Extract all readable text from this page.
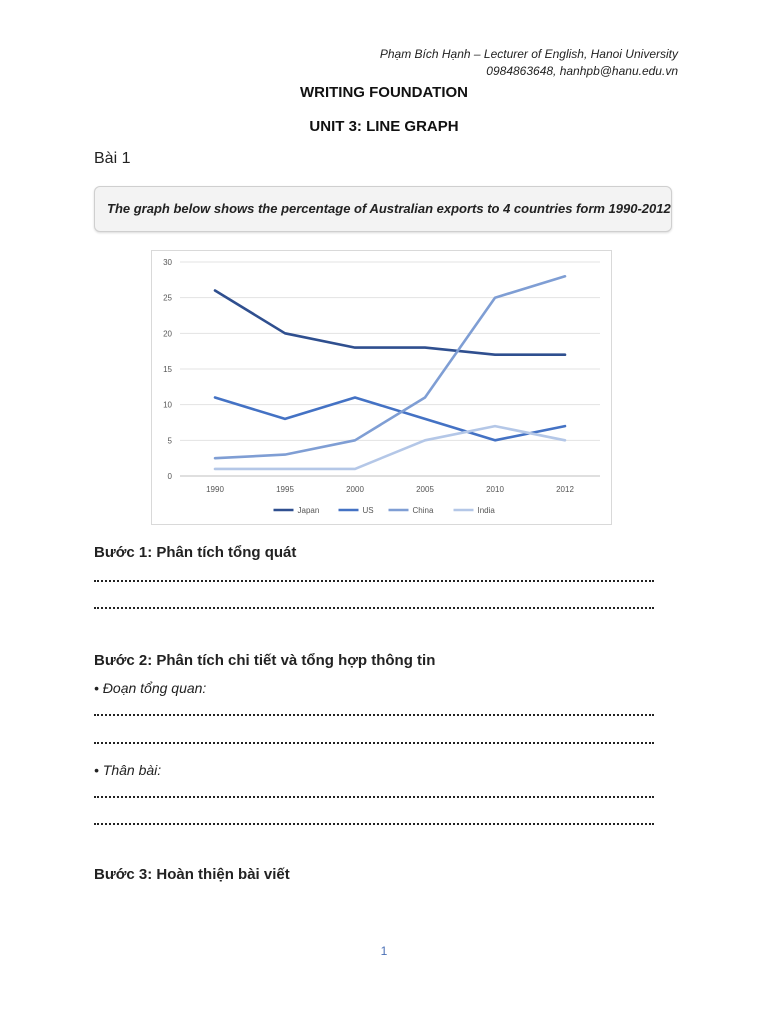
Phạm Bích Hạnh – Lecturer of English, Hanoi University
0984863648, hanhpb@hanu.edu.vn
WRITING FOUNDATION
UNIT 3: LINE GRAPH
Bài 1
The graph below shows the percentage of Australian exports to 4 countries form 1990-2012
0
5
10
15
20
25
30
1990	1995	2000	2005	2010	2012
Japan	US	China	India
Bước 1: Phân tích tổng quát
Bước 2: Phân tích chi tiết và tổng hợp thông tin
• Đoạn tổng quan:
• Thân bài:
Bước 3: Hoàn thiện bài viết
1
